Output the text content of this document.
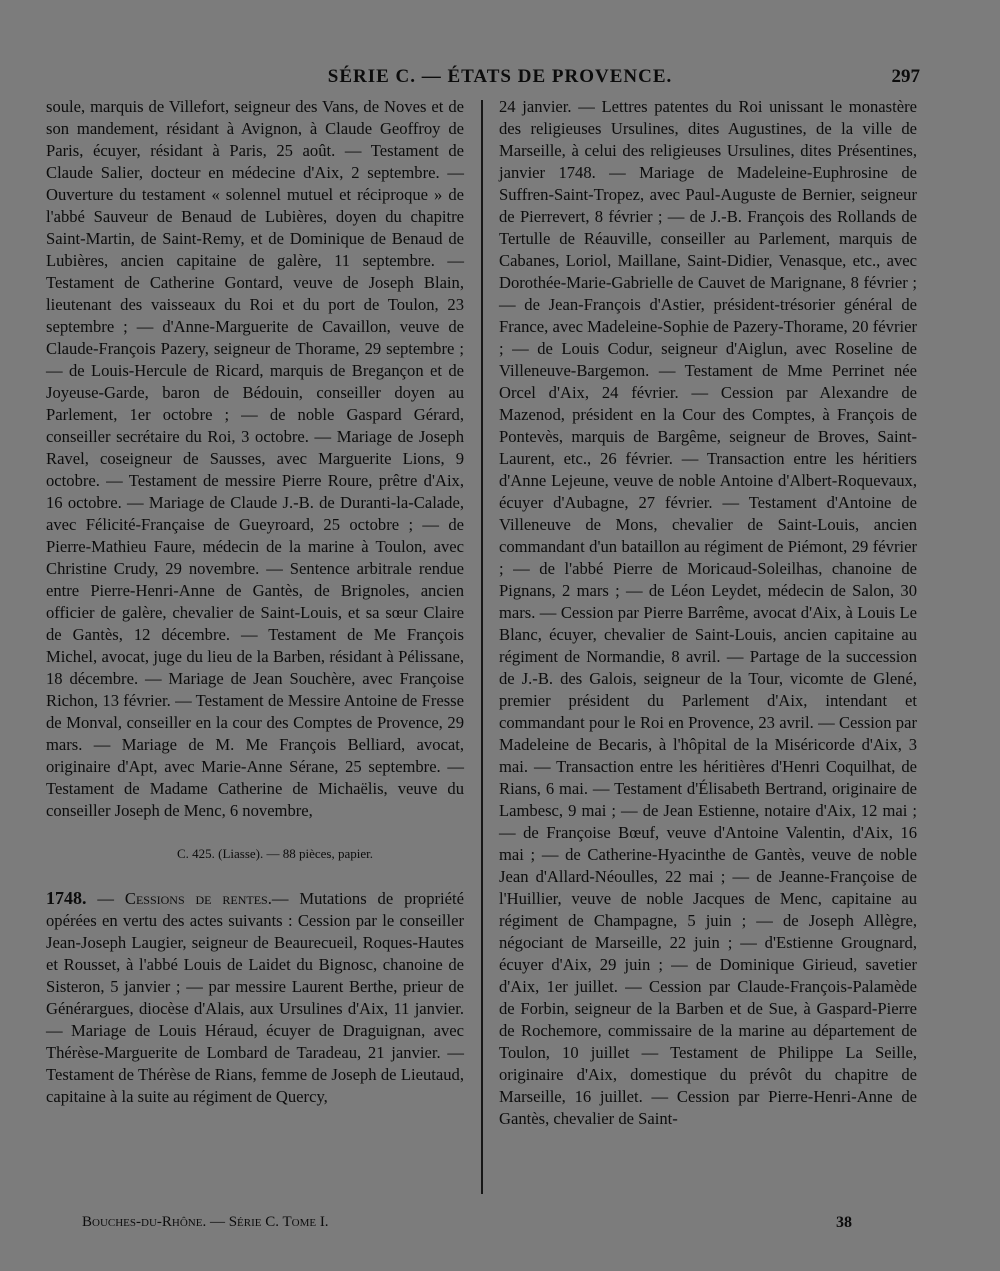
SÉRIE C. — ÉTATS DE PROVENCE.	297

soule, marquis de Villefort, seigneur des Vans, de Noves et de son mandement, résidant à Avignon, à Claude Geoffroy de Paris, écuyer, résidant à Paris, 25 août. — Testament de Claude Salier, docteur en médecine d'Aix, 2 septembre. — Ouverture du testament « solennel mutuel et réciproque » de l'abbé Sauveur de Benaud de Lubières, doyen du chapitre Saint-Martin, de Saint-Remy, et de Dominique de Benaud de Lubières, ancien capitaine de galère, 11 septembre. — Testament de Catherine Gontard, veuve de Joseph Blain, lieutenant des vaisseaux du Roi et du port de Toulon, 23 septembre ; — d'Anne-Marguerite de Cavaillon, veuve de Claude-François Pazery, seigneur de Thorame, 29 septembre ; — de Louis-Hercule de Ricard, marquis de Bregançon et de Joyeuse-Garde, baron de Bédouin, conseiller doyen au Parlement, 1er octobre ; — de noble Gaspard Gérard, conseiller secrétaire du Roi, 3 octobre. — Mariage de Joseph Ravel, coseigneur de Sausses, avec Marguerite Lions, 9 octobre. — Testament de messire Pierre Roure, prêtre d'Aix, 16 octobre. — Mariage de Claude J.-B. de Duranti-la-Calade, avec Félicité-Française de Gueyroard, 25 octobre ; — de Pierre-Mathieu Faure, médecin de la marine à Toulon, avec Christine Crudy, 29 novembre. — Sentence arbitrale rendue entre Pierre-Henri-Anne de Gantès, de Brignoles, ancien officier de galère, chevalier de Saint-Louis, et sa sœur Claire de Gantès, 12 décembre. — Testament de Me François Michel, avocat, juge du lieu de la Barben, résidant à Pélissane, 18 décembre. — Mariage de Jean Souchère, avec Françoise Richon, 13 février. — Testament de Messire Antoine de Fresse de Monval, conseiller en la cour des Comptes de Provence, 29 mars. — Mariage de M. Me François Belliard, avocat, originaire d'Apt, avec Marie-Anne Sérane, 25 septembre. — Testament de Madame Catherine de Michaëlis, veuve du conseiller Joseph de Menc, 6 novembre,

C. 425. (Liasse). — 88 pièces, papier.

1748. — Cessions de rentes.— Mutations de propriété opérées en vertu des actes suivants : Cession par le conseiller Jean-Joseph Laugier, seigneur de Beaurecueil, Roques-Hautes et Rousset, à l'abbé Louis de Laidet du Bignosc, chanoine de Sisteron, 5 janvier ; — par messire Laurent Berthe, prieur de Générargues, diocèse d'Alais, aux Ursulines d'Aix, 11 janvier. — Mariage de Louis Héraud, écuyer de Draguignan, avec Thérèse-Marguerite de Lombard de Taradeau, 21 janvier. — Testament de Thérèse de Rians, femme de Joseph de Lieutaud, capitaine à la suite au régiment de Quercy,

24 janvier. — Lettres patentes du Roi unissant le monastère des religieuses Ursulines, dites Augustines, de la ville de Marseille, à celui des religieuses Ursulines, dites Présentines, janvier 1748. — Mariage de Madeleine-Euphrosine de Suffren-Saint-Tropez, avec Paul-Auguste de Bernier, seigneur de Pierrevert, 8 février ; — de J.-B. François des Rollands de Tertulle de Réauville, conseiller au Parlement, marquis de Cabanes, Loriol, Maillane, Saint-Didier, Venasque, etc., avec Dorothée-Marie-Gabrielle de Cauvet de Marignane, 8 février ; — de Jean-François d'Astier, président-trésorier général de France, avec Madeleine-Sophie de Pazery-Thorame, 20 février ; — de Louis Codur, seigneur d'Aiglun, avec Roseline de Villeneuve-Bargemon. — Testament de Mme Perrinet née Orcel d'Aix, 24 février. — Cession par Alexandre de Mazenod, président en la Cour des Comptes, à François de Pontevès, marquis de Bargême, seigneur de Broves, Saint-Laurent, etc., 26 février. — Transaction entre les héritiers d'Anne Lejeune, veuve de noble Antoine d'Albert-Roquevaux, écuyer d'Aubagne, 27 février. — Testament d'Antoine de Villeneuve de Mons, chevalier de Saint-Louis, ancien commandant d'un bataillon au régiment de Piémont, 29 février ; — de l'abbé Pierre de Moricaud-Soleilhas, chanoine de Pignans, 2 mars ; — de Léon Leydet, médecin de Salon, 30 mars. — Cession par Pierre Barrême, avocat d'Aix, à Louis Le Blanc, écuyer, chevalier de Saint-Louis, ancien capitaine au régiment de Normandie, 8 avril. — Partage de la succession de J.-B. des Galois, seigneur de la Tour, vicomte de Glené, premier président du Parlement d'Aix, intendant et commandant pour le Roi en Provence, 23 avril. — Cession par Madeleine de Becaris, à l'hôpital de la Miséricorde d'Aix, 3 mai. — Transaction entre les héritières d'Henri Coquilhat, de Rians, 6 mai. — Testament d'Élisabeth Bertrand, originaire de Lambesc, 9 mai ; — de Jean Estienne, notaire d'Aix, 12 mai ; — de Françoise Bœuf, veuve d'Antoine Valentin, d'Aix, 16 mai ; — de Catherine-Hyacinthe de Gantès, veuve de noble Jean d'Allard-Néoulles, 22 mai ; — de Jeanne-Françoise de l'Huillier, veuve de noble Jacques de Menc, capitaine au régiment de Champagne, 5 juin ; — de Joseph Allègre, négociant de Marseille, 22 juin ; — d'Estienne Grougnard, écuyer d'Aix, 29 juin ; — de Dominique Girieud, savetier d'Aix, 1er juillet. — Cession par Claude-François-Palamède de Forbin, seigneur de la Barben et de Sue, à Gaspard-Pierre de Rochemore, commissaire de la marine au département de Toulon, 10 juillet — Testament de Philippe La Seille, originaire d'Aix, domestique du prévôt du chapitre de Marseille, 16 juillet. — Cession par Pierre-Henri-Anne de Gantès, chevalier de Saint-

Bouches-du-Rhône. — Série C. Tome I.	38
